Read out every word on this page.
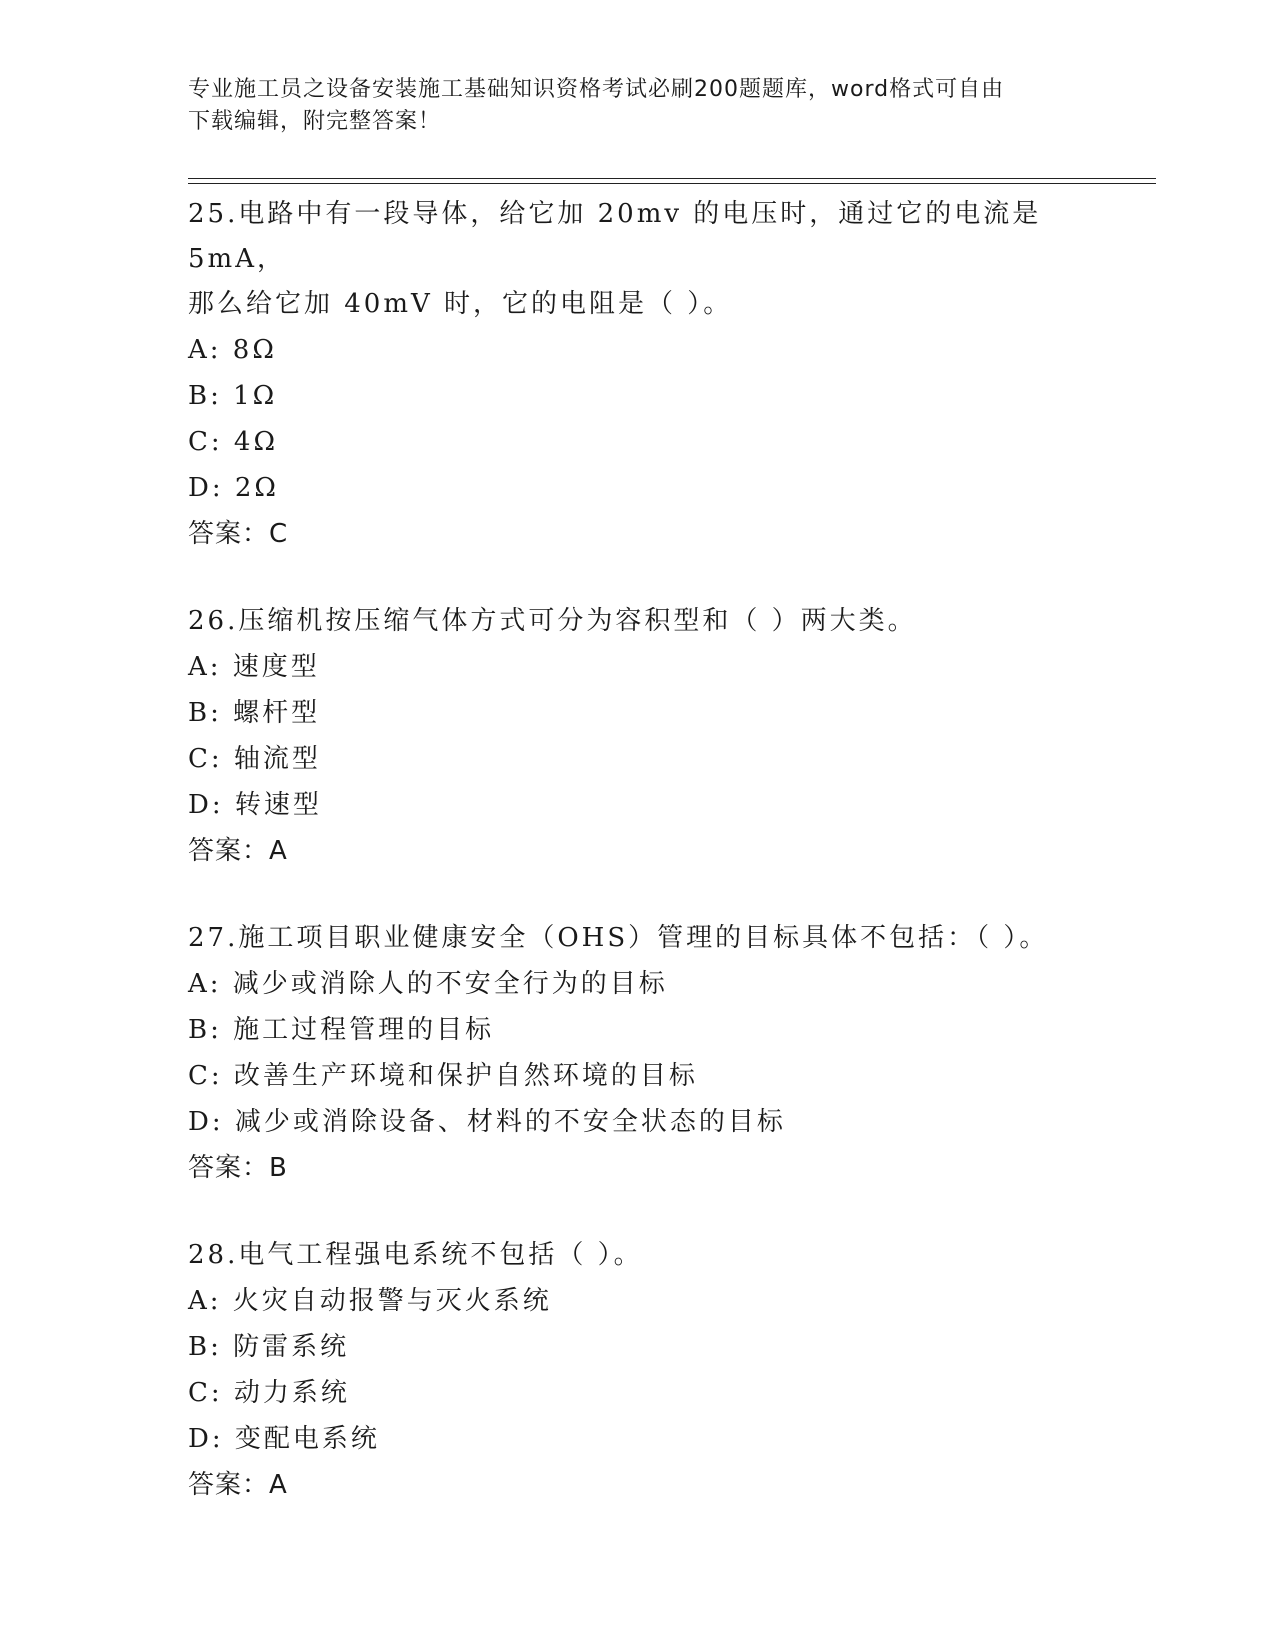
专业施工员之设备安装施工基础知识资格考试必刷200题题库，word格式可自由
下载编辑，附完整答案！
25.电路中有一段导体，给它加 20mv 的电压时，通过它的电流是 5mA，
那么给它加 40mV 时，它的电阻是（ ）。
A: 8Ω
B: 1Ω
C: 4Ω
D: 2Ω
答案：C
26.压缩机按压缩气体方式可分为容积型和（ ）两大类。
A: 速度型
B: 螺杆型
C: 轴流型
D: 转速型
答案：A
27.施工项目职业健康安全（OHS）管理的目标具体不包括：（ ）。
A: 减少或消除人的不安全行为的目标
B: 施工过程管理的目标
C: 改善生产环境和保护自然环境的目标
D: 减少或消除设备、材料的不安全状态的目标
答案：B
28.电气工程强电系统不包括（ ）。
A: 火灾自动报警与灭火系统
B: 防雷系统
C: 动力系统
D: 变配电系统
答案：A
